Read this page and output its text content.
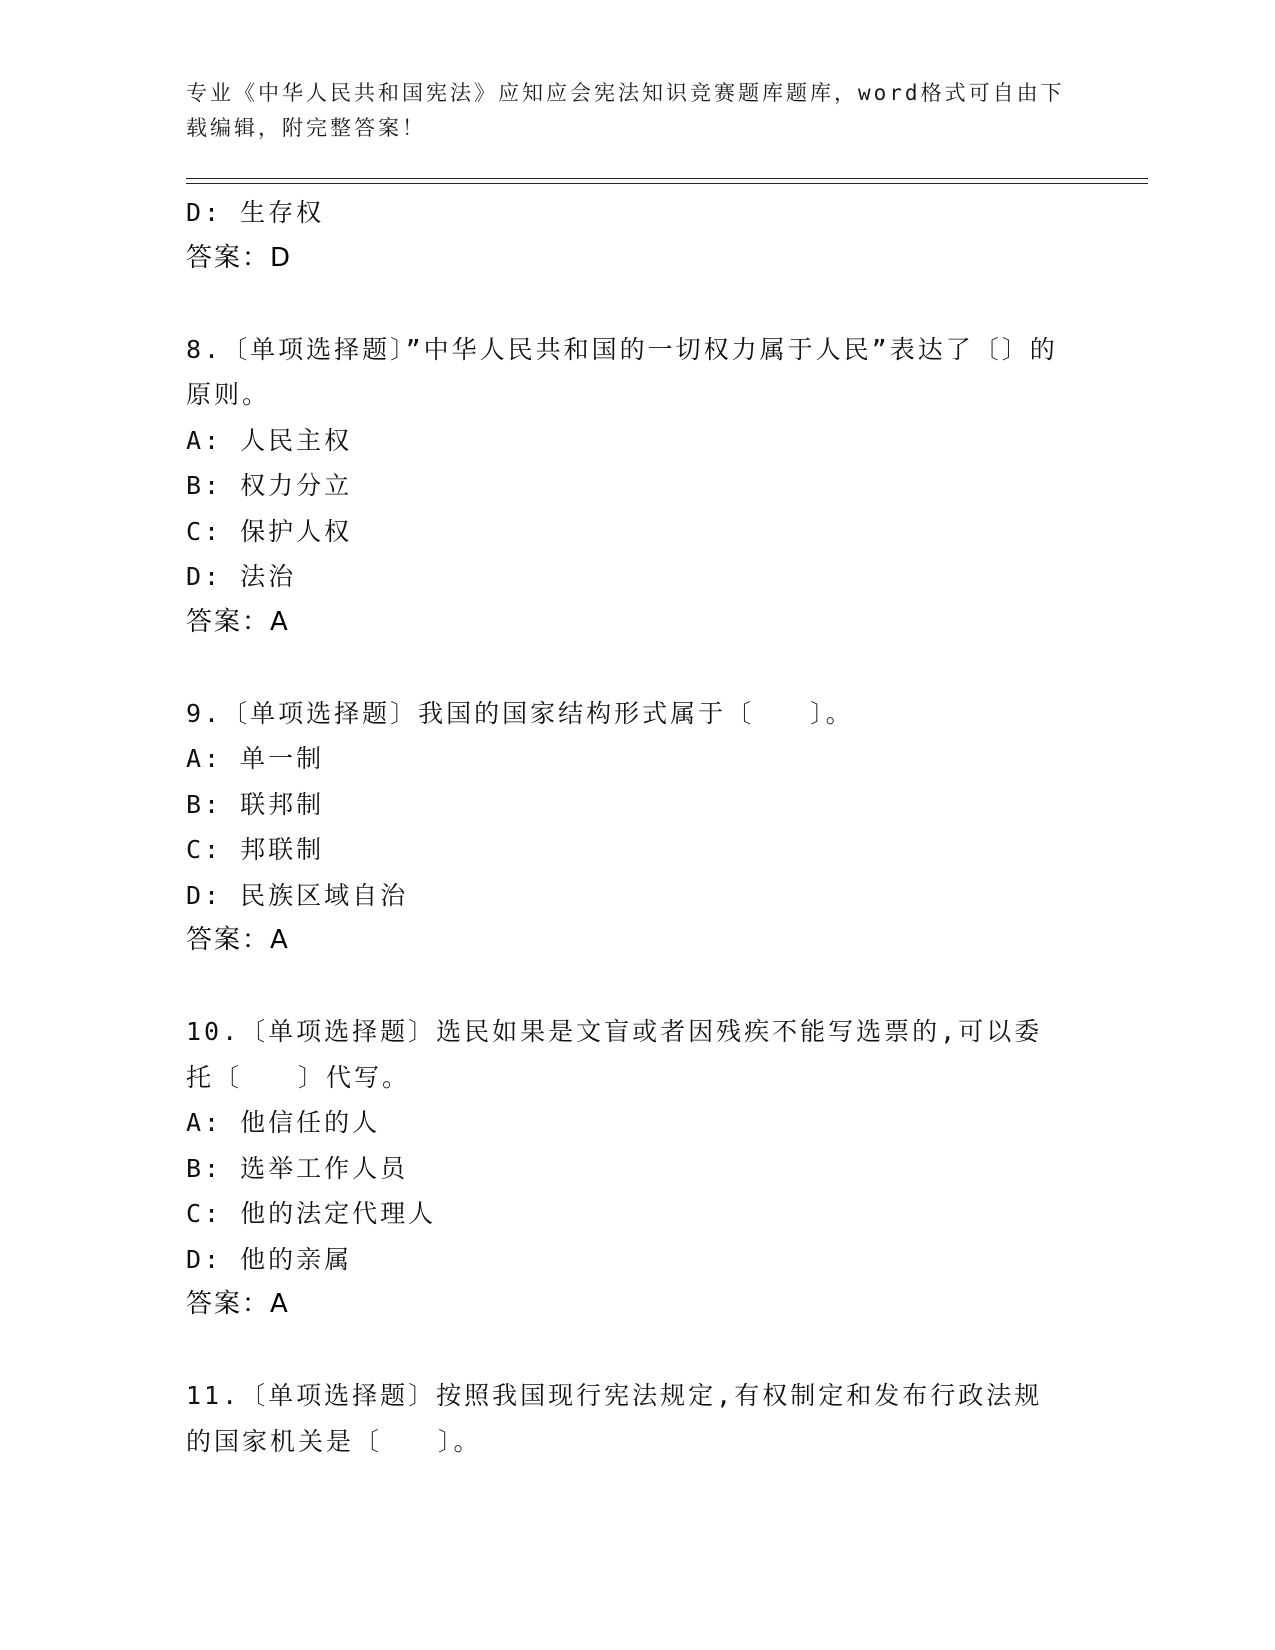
专业《中华人民共和国宪法》应知应会宪法知识竞赛题库题库，word格式可自由下载编辑，附完整答案！
D: 生存权
答案：D
8.〔单项选择题〕”中华人民共和国的一切权力属于人民”表达了〔〕的原则。
A: 人民主权
B: 权力分立
C: 保护人权
D: 法治
答案：A
9.〔单项选择题〕我国的国家结构形式属于〔　　〕。
A: 单一制
B: 联邦制
C: 邦联制
D: 民族区域自治
答案：A
10.〔单项选择题〕选民如果是文盲或者因残疾不能写选票的,可以委托〔　　〕代写。
A: 他信任的人
B: 选举工作人员
C: 他的法定代理人
D: 他的亲属
答案：A
11.〔单项选择题〕按照我国现行宪法规定,有权制定和发布行政法规的国家机关是〔　　〕。
